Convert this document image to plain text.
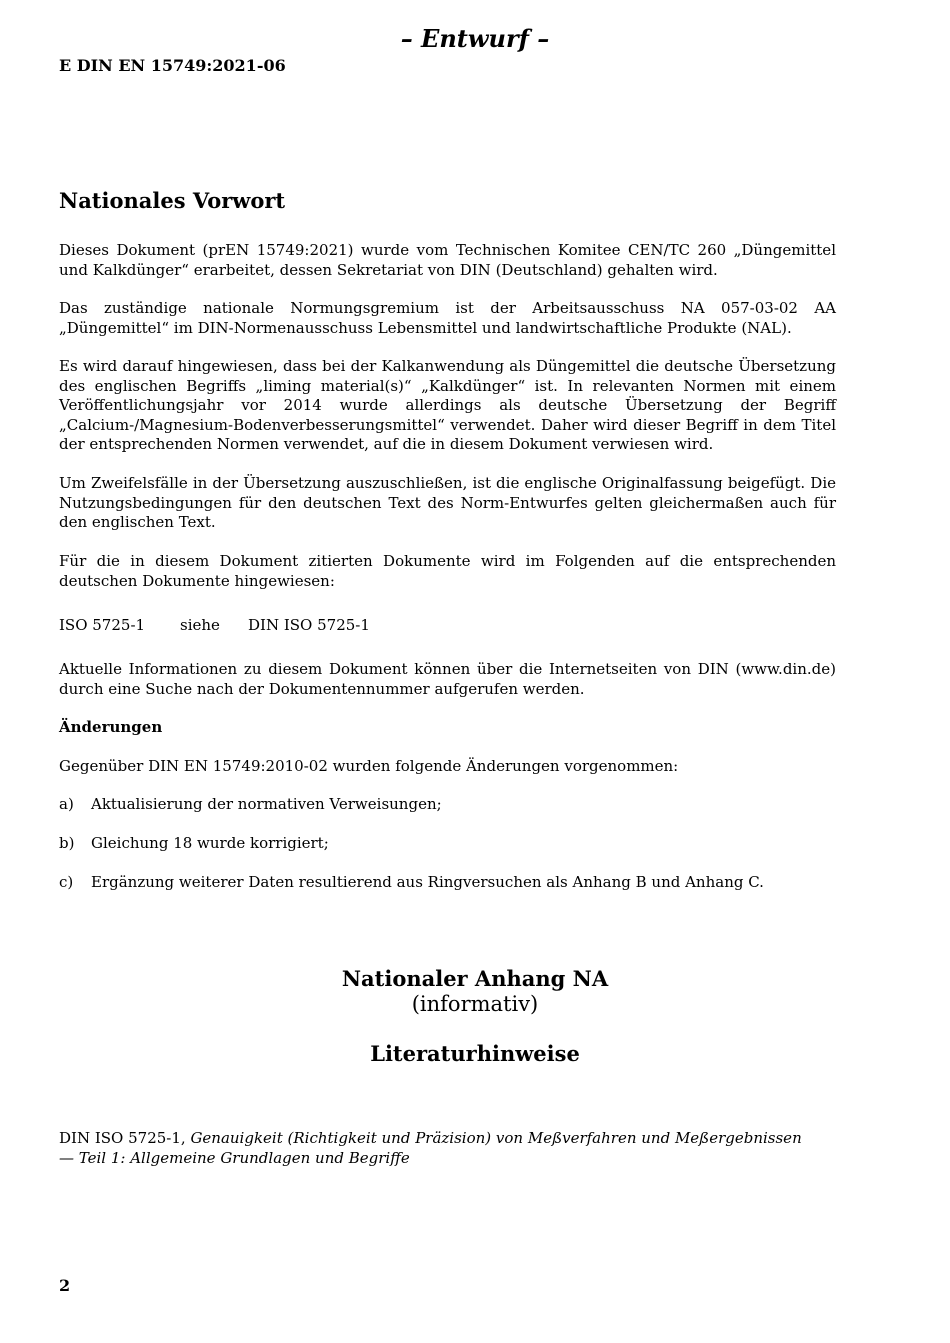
– Entwurf –
E DIN EN 15749:2021-06
Nationales Vorwort

Dieses Dokument (prEN 15749:2021) wurde vom Technischen Komitee CEN/TC 260 „Düngemittel und Kalkdünger“ erarbeitet, dessen Sekretariat von DIN (Deutschland) gehalten wird.

Das zuständige nationale Normungsgremium ist der Arbeitsausschuss NA 057-03-02 AA „Düngemittel“ im DIN-Normenausschuss Lebensmittel und landwirtschaftliche Produkte (NAL).

Es wird darauf hingewiesen, dass bei der Kalkanwendung als Düngemittel die deutsche Übersetzung des englischen Begriffs „liming material(s)“ „Kalkdünger“ ist. In relevanten Normen mit einem Veröffentlichungsjahr vor 2014 wurde allerdings als deutsche Übersetzung der Begriff „Calcium-/Magnesium-Bodenverbesserungsmittel“ verwendet. Daher wird dieser Begriff in dem Titel der entsprechenden Normen verwendet, auf die in diesem Dokument verwiesen wird.

Um Zweifelsfälle in der Übersetzung auszuschließen, ist die englische Originalfassung beigefügt. Die Nutzungsbedingungen für den deutschen Text des Norm-Entwurfes gelten gleichermaßen auch für den englischen Text.

Für die in diesem Dokument zitierten Dokumente wird im Folgenden auf die entsprechenden deutschen Dokumente hingewiesen:

ISO 5725-1 siehe DIN ISO 5725-1

Aktuelle Informationen zu diesem Dokument können über die Internetseiten von DIN (www.din.de) durch eine Suche nach der Dokumentennummer aufgerufen werden.

Änderungen
Gegenüber DIN EN 15749:2010-02 wurden folgende Änderungen vorgenommen:
a) Aktualisierung der normativen Verweisungen;
b) Gleichung 18 wurde korrigiert;
c) Ergänzung weiterer Daten resultierend aus Ringversuchen als Anhang B und Anhang C.
Nationaler Anhang NA
(informativ)
Literaturhinweise

DIN ISO 5725-1, Genauigkeit (Richtigkeit und Präzision) von Meßverfahren und Meßergebnissen — Teil 1: Allgemeine Grundlagen und Begriffe

2
